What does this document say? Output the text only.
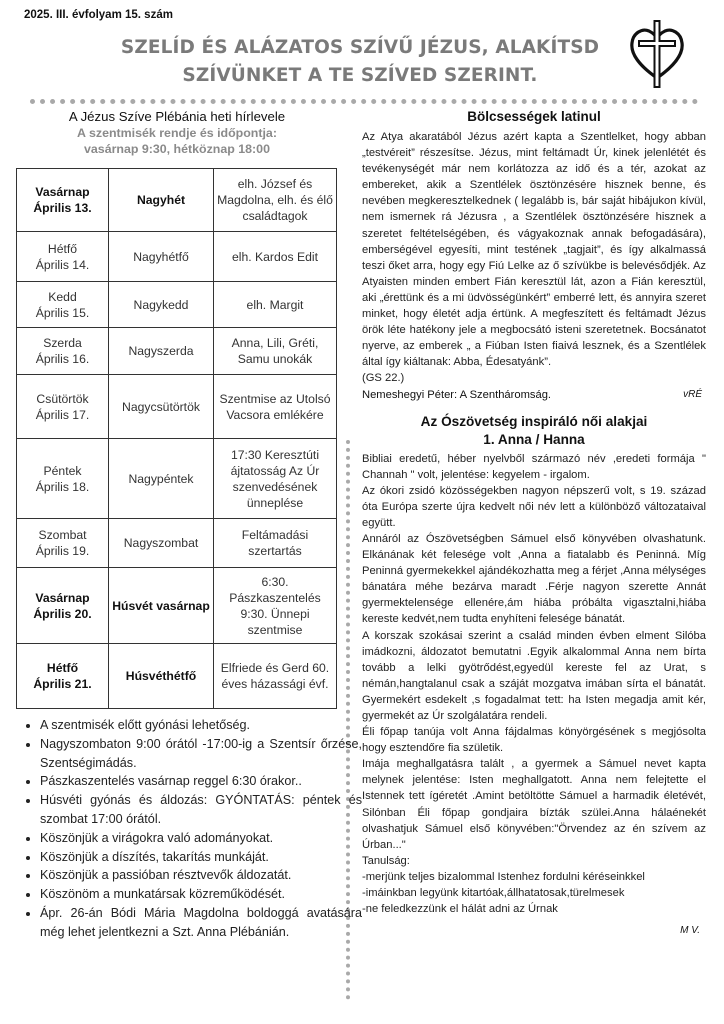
2025. III. évfolyam 15. szám
SZELÍD ÉS ALÁZATOS SZÍVŰ JÉZUS, ALAKÍTSD
SZÍVÜNKET A TE SZÍVED SZERINT.
A Jézus Szíve Plébánia heti hírlevele
A szentmisék rendje és időpontja:
vasárnap 9:30, hétköznap 18:00
Vasárnap
Április 13.	Nagyhét	elh. József és Magdolna, elh. és élő családtagok
Hétfő
Április 14.	Nagyhétfő	elh. Kardos Edit
Kedd
Április 15.	Nagykedd	elh. Margit
Szerda
Április 16.	Nagyszerda	Anna, Lili, Gréti, Samu unokák
Csütörtök
Április 17.	Nagycsütörtök	Szentmise az Utolsó Vacsora emlékére
Péntek
Április 18.	Nagypéntek	17:30 Keresztúti ájtatosság Az Úr szenvedésének ünneplése
Szombat
Április 19.	Nagyszombat	Feltámadási szertartás
Vasárnap
Április 20.	Húsvét vasárnap	6:30. Pászkaszentelés 9:30. Ünnepi szentmise
Hétfő
Április 21.	Húsvéthétfő	Elfriede és Gerd 60. éves házassági évf.
• A szentmisék előtt gyónási lehetőség.
• Nagyszombaton 9:00 órától -17:00-ig a Szentsír őrzése, Szentségimádás.
• Pászkaszentelés vasárnap reggel 6:30 órakor..
• Húsvéti gyónás és áldozás: GYÓNTATÁS: péntek és szombat 17:00 órától.
• Köszönjük a virágokra való adományokat.
• Köszönjük a díszítés, takarítás munkáját.
• Köszönjük a passióban résztvevők áldozatát.
• Köszönöm a munkatársak közreműködését.
• Ápr. 26-án Bódi Mária Magdolna boldoggá avatására még lehet jelentkezni a Szt. Anna Plébánián.
Bölcsességek latinul

Az Atya akaratából Jézus azért kapta a Szentlelket, hogy abban „testvéreit” részesítse. Jézus, mint feltámadt Úr, kinek jelenlétét és tevékenységét már nem korlátozza az idő és a tér, azokat az embereket, akik a Szentlélek ösztönzésére hisznek benne, és nevében megkeresztelkednek ( legalább is, bár saját hibájukon kívül, nem ismernek rá Jézusra , a Szentlélek ösztönzésére hisznek a szeretet feltételségében, és vágyakoznak annak befogadására), emberségével egyesíti, mint testének „tagjait”, és így alkalmassá teszi őket arra, hogy egy Fiú Lelke az ő szívükbe is belevésődjék. Az Atyaisten minden embert Fián keresztül lát, azon a Fián keresztül, aki „érettünk és a mi üdvösségünkért” emberré lett, és annyira szeret minket, hogy életét adja értünk. A megfeszített és feltámadt Jézus örök léte hatékony jele a megbocsátó isteni szeretetnek. Bocsánatot nyerve, az emberek „ a Fiúban Isten fiaivá lesznek, és a Szentlélek által így kiáltanak: Abba, Édesatyánk”.

(GS 22.)

Nemeshegyi Péter: A Szentháromság.	vRÉ
Az Ószövetség inspiráló női alakjai
1. Anna / Hanna

Bibliai eredetű, héber nyelvből származó név ,eredeti formája " Channah " volt, jelentése: kegyelem - irgalom.

Az ókori zsidó közösségekben nagyon népszerű volt, s 19. század óta Európa szerte újra kedvelt női név lett a különböző változataival együtt.

Annáról az Ószövetségben Sámuel első könyvében olvashatunk. Elkánának két felesége volt ,Anna a fiatalabb és Peninná. Míg Peninná gyermekekkel ajándékozhatta meg a férjet ,Anna mélységes bánatára méhe bezárva maradt .Férje nagyon szerette Annát gyermektelensége ellenére,ám hiába próbálta vigasztalni,hiába kereste kedvét,nem tudta enyhíteni felesége bánatát.

A korszak szokásai szerint a család minden évben elment Silóba imádkozni, áldozatot bemutatni .Egyik alkalommal Anna nem bírta tovább a lelki gyötrődést,egyedül kereste fel az Urat, s némán,hangtalanul csak a száját mozgatva imában sírta el bánatát. Gyermekért esdekelt ,s fogadalmat tett: ha Isten megadja amit kér, gyermekét az Úr szolgálatára rendeli.

Éli főpap tanúja volt Anna fájdalmas könyörgésének s megjósolta hogy esztendőre fia születik.

Imája meghallgatásra talált , a gyermek a Sámuel nevet kapta melynek jelentése: Isten meghallgatott. Anna nem felejtette el Istennek tett ígéretét .Amint betöltötte Sámuel a harmadik életévét, Silónban Éli főpap gondjaira bízták szülei.Anna hálaénekét olvashatjuk Sámuel első könyvében:"Örvendez az én szívem az Úrban..."

Tanulság:

-merjünk teljes bizalommal Istenhez fordulni kéréseinkkel

-imáinkban legyünk kitartóak,állhatatosak,türelmesek

-ne feledkezzünk el hálát adni az Úrnak

M V.
